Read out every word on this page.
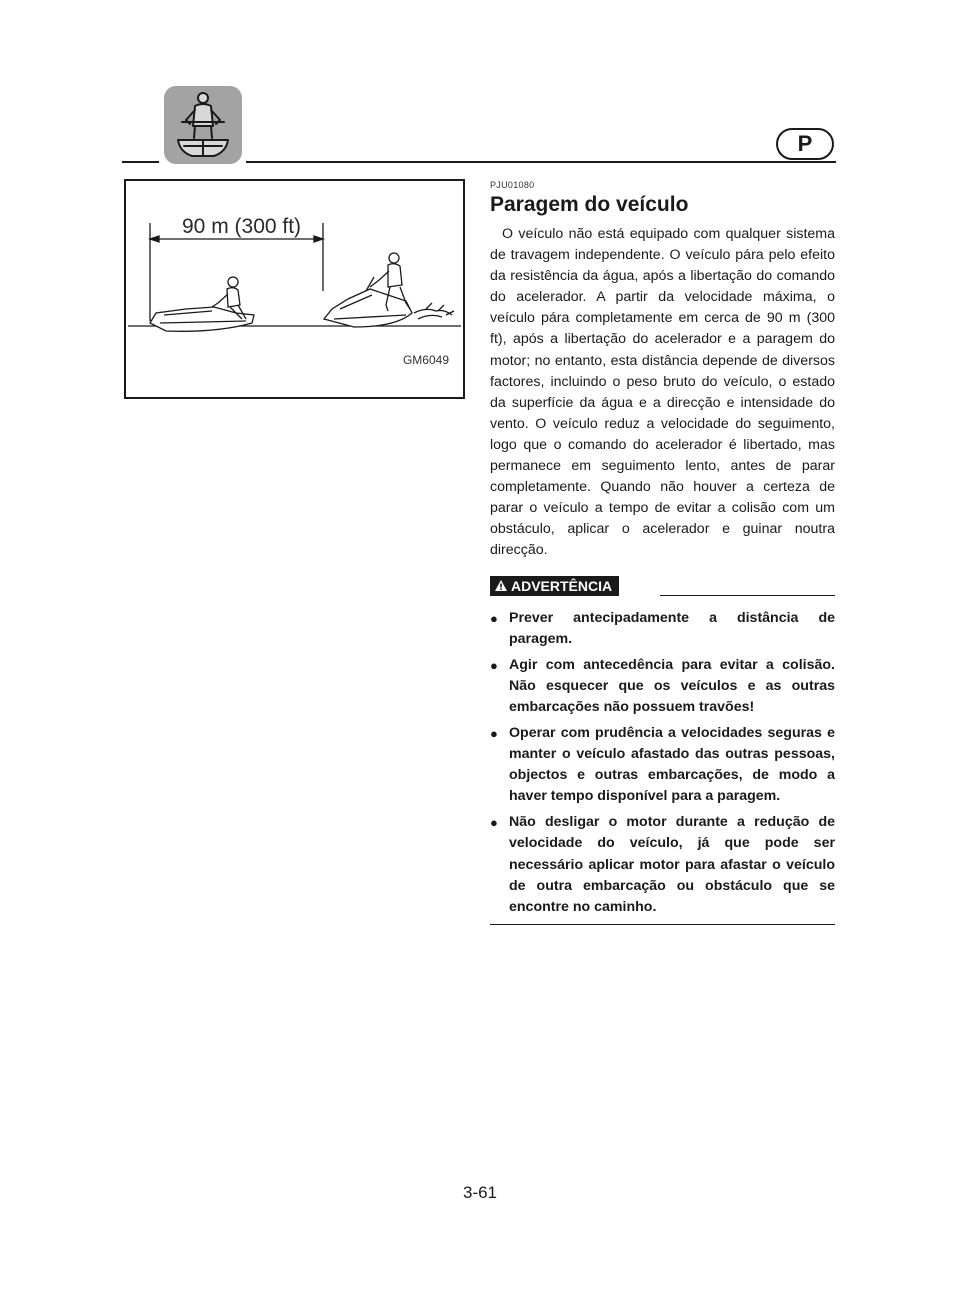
P
90 m (300 ft)
GM6049
PJU01080
Paragem do veículo

O veículo não está equipado com qualquer sistema de travagem independente. O veículo pára pelo efeito da resistência da água, após a libertação do comando do acelerador. A partir da velocidade máxima, o veículo pára completamente em cerca de 90 m (300 ft), após a libertação do acelerador e a paragem do motor; no entanto, esta distância depende de diversos factores, incluindo o peso bruto do veículo, o estado da superfície da água e a direcção e intensidade do vento. O veículo reduz a velocidade do seguimento, logo que o comando do acelerador é libertado, mas permanece em seguimento lento, antes de parar completamente. Quando não houver a certeza de parar o veículo a tempo de evitar a colisão com um obstáculo, aplicar o acelerador e guinar noutra direcção.

ADVERTÊNCIA
● Prever antecipadamente a distância de paragem.
● Agir com antecedência para evitar a colisão. Não esquecer que os veículos e as outras embarcações não possuem travões!
● Operar com prudência a velocidades seguras e manter o veículo afastado das outras pessoas, objectos e outras embarcações, de modo a haver tempo disponível para a paragem.
● Não desligar o motor durante a redução de velocidade do veículo, já que pode ser necessário aplicar motor para afastar o veículo de outra embarcação ou obstáculo que se encontre no caminho.
3-61
